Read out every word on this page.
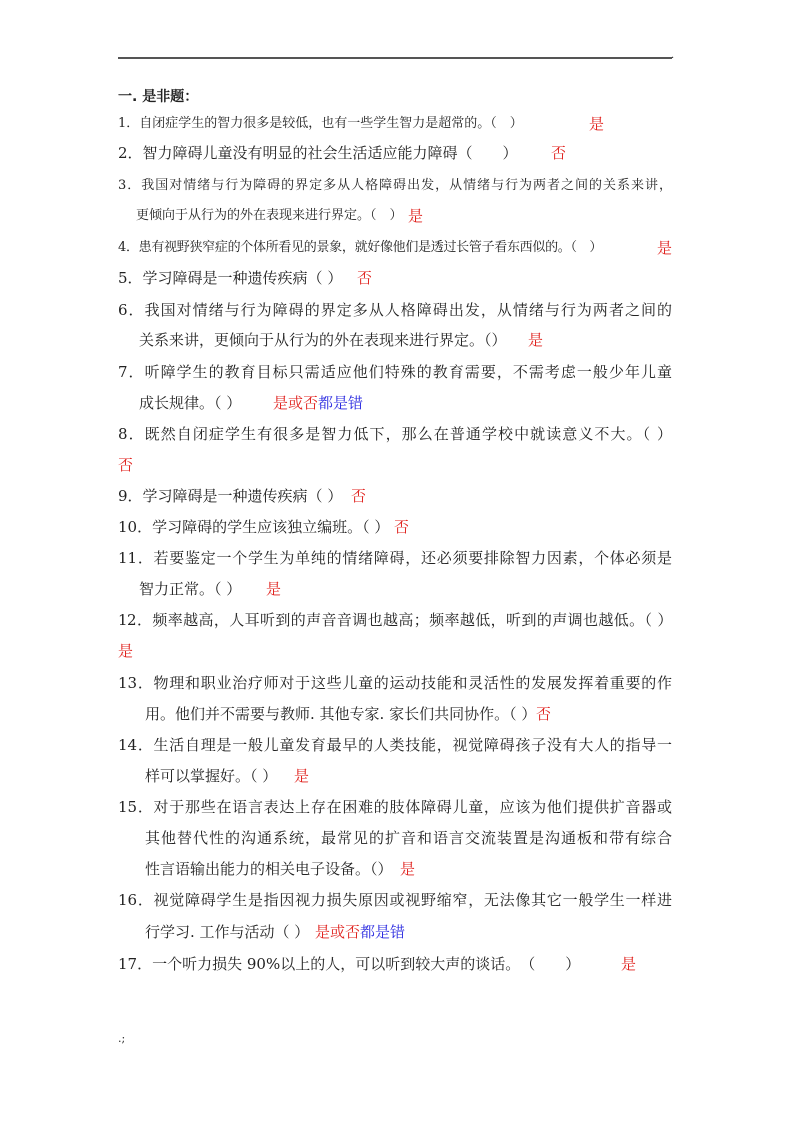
.
一. 是非题：
1．自闭症学生的智力很多是较低，也有一些学生智力是超常的。（　）	是
2．智力障碍儿童没有明显的社会生活适应能力障碍（　　） 否
3．我国对情绪与行为障碍的界定多从人格障碍出发，从情绪与行为两者之间的关系来讲，
更倾向于从行为的外在表现来进行界定。（　） 是
4．患有视野狭窄症的个体所看见的景象，就好像他们是透过长管子看东西似的。（　）	是
5．学习障碍是一种遗传疾病（ ） 否
6．我国对情绪与行为障碍的界定多从人格障碍出发，从情绪与行为两者之间的
关系来讲，更倾向于从行为的外在表现来进行界定。（） 是
7．听障学生的教育目标只需适应他们特殊的教育需要，不需考虑一般少年儿童
成长规律。（ ） 是或否都是错
8．既然自闭症学生有很多是智力低下，那么在普通学校中就读意义不大。（ ）
否
9．学习障碍是一种遗传疾病（ ） 否
10．学习障碍的学生应该独立编班。（ ） 否
11．若要鉴定一个学生为单纯的情绪障碍，还必须要排除智力因素，个体必须是
智力正常。（ ） 是
12．频率越高，人耳听到的声音音调也越高；频率越低，听到的声调也越低。（ ）
是
13．物理和职业治疗师对于这些儿童的运动技能和灵活性的发展发挥着重要的作
用。他们并不需要与教师. 其他专家. 家长们共同协作。（ ） 否
14．生活自理是一般儿童发育最早的人类技能，视觉障碍孩子没有大人的指导一
样可以掌握好。（ ） 是
15．对于那些在语言表达上存在困难的肢体障碍儿童，应该为他们提供扩音器或
其他替代性的沟通系统，最常见的扩音和语言交流装置是沟通板和带有综合
性言语输出能力的相关电子设备。（） 是
16．视觉障碍学生是指因视力损失原因或视野缩窄，无法像其它一般学生一样进
行学习. 工作与活动（ ） 是或否都是错
17．一个听力损失 90%以上的人，可以听到较大声的谈话。　（　　）	是
.;
